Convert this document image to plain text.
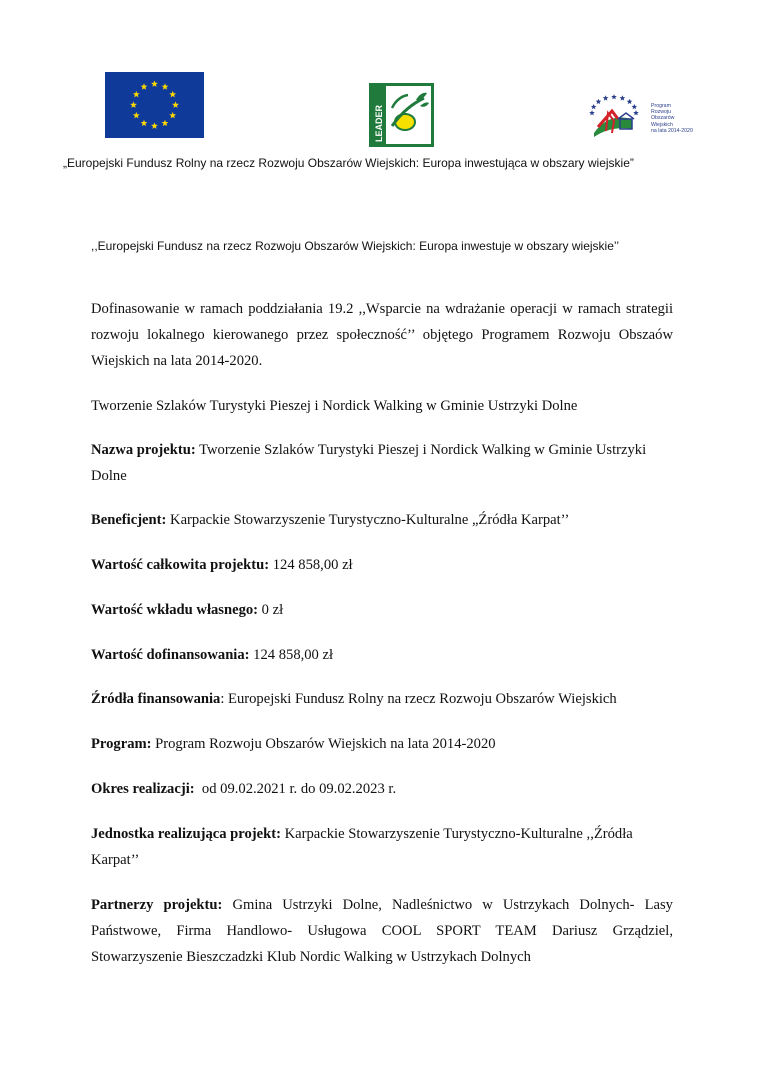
LEADER	Program
Rozwoju
Obszarów
Wiejskich
na lata 2014-2020
„Europejski Fundusz Rolny na rzecz Rozwoju Obszarów Wiejskich: Europa inwestująca w obszary wiejskie”
,,Europejski Fundusz na rzecz Rozwoju Obszarów Wiejskich: Europa inwestuje w obszary wiejskie’’

Dofinasowanie w ramach poddziałania 19.2 ,,Wsparcie na wdrażanie operacji w ramach strategii rozwoju lokalnego kierowanego przez społeczność’’ objętego Programem Rozwoju Obszaów Wiejskich na lata 2014-2020.

Tworzenie Szlaków Turystyki Pieszej i Nordick Walking w Gminie Ustrzyki Dolne

Nazwa projektu: Tworzenie Szlaków Turystyki Pieszej i Nordick Walking w Gminie Ustrzyki Dolne

Beneficjent: Karpackie Stowarzyszenie Turystyczno-Kulturalne „Źródła Karpat’’

Wartość całkowita projektu: 124 858,00 zł

Wartość wkładu własnego: 0 zł

Wartość dofinansowania: 124 858,00 zł

Źródła finansowania: Europejski Fundusz Rolny na rzecz Rozwoju Obszarów Wiejskich

Program: Program Rozwoju Obszarów Wiejskich na lata 2014-2020

Okres realizacji:  od 09.02.2021 r. do 09.02.2023 r.

Jednostka realizująca projekt: Karpackie Stowarzyszenie Turystyczno-Kulturalne ,,Źródła Karpat’’

Partnerzy projektu: Gmina Ustrzyki Dolne, Nadleśnictwo w Ustrzykach Dolnych- Lasy Państwowe, Firma Handlowo- Usługowa COOL SPORT TEAM Dariusz Grządziel, Stowarzyszenie Bieszczadzki Klub Nordic Walking w Ustrzykach Dolnych
